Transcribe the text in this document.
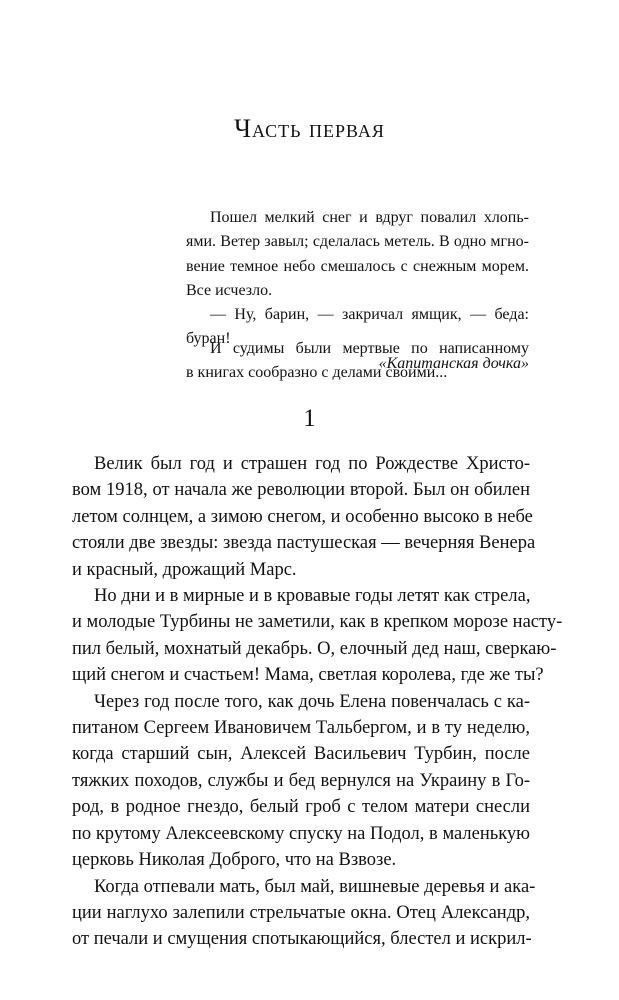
Часть первая
Пошел мелкий снег и вдруг повалил хлопь-
ями. Ветер завыл; сделалась метель. В одно мгно-
вение темное небо смешалось с снежным морем.
Все исчезло.
— Ну, барин, — закричал ямщик, — беда: буран!
«Капитанская дочка»
И судимы были мертвые по написанному
в книгах сообразно с делами своими...
1
Велик был год и страшен год по Рождестве Христо-
вом 1918, от начала же революции второй. Был он обилен
летом солнцем, а зимою снегом, и особенно высоко в небе
стояли две звезды: звезда пастушеская — вечерняя Венера
и красный, дрожащий Марс.
Но дни и в мирные и в кровавые годы летят как стрела,
и молодые Турбины не заметили, как в крепком морозе насту-
пил белый, мохнатый декабрь. О, елочный дед наш, сверкаю-
щий снегом и счастьем! Мама, светлая королева, где же ты?
Через год после того, как дочь Елена повенчалась с ка-
питаном Сергеем Ивановичем Тальбергом, и в ту неделю,
когда старший сын, Алексей Васильевич Турбин, после
тяжких походов, службы и бед вернулся на Украину в Го-
род, в родное гнездо, белый гроб с телом матери снесли
по крутому Алексеевскому спуску на Подол, в маленькую
церковь Николая Доброго, что на Взвозе.
Когда отпевали мать, был май, вишневые деревья и ака-
ции наглухо залепили стрельчатые окна. Отец Александр,
от печали и смущения спотыкающийся, блестел и искрил-
